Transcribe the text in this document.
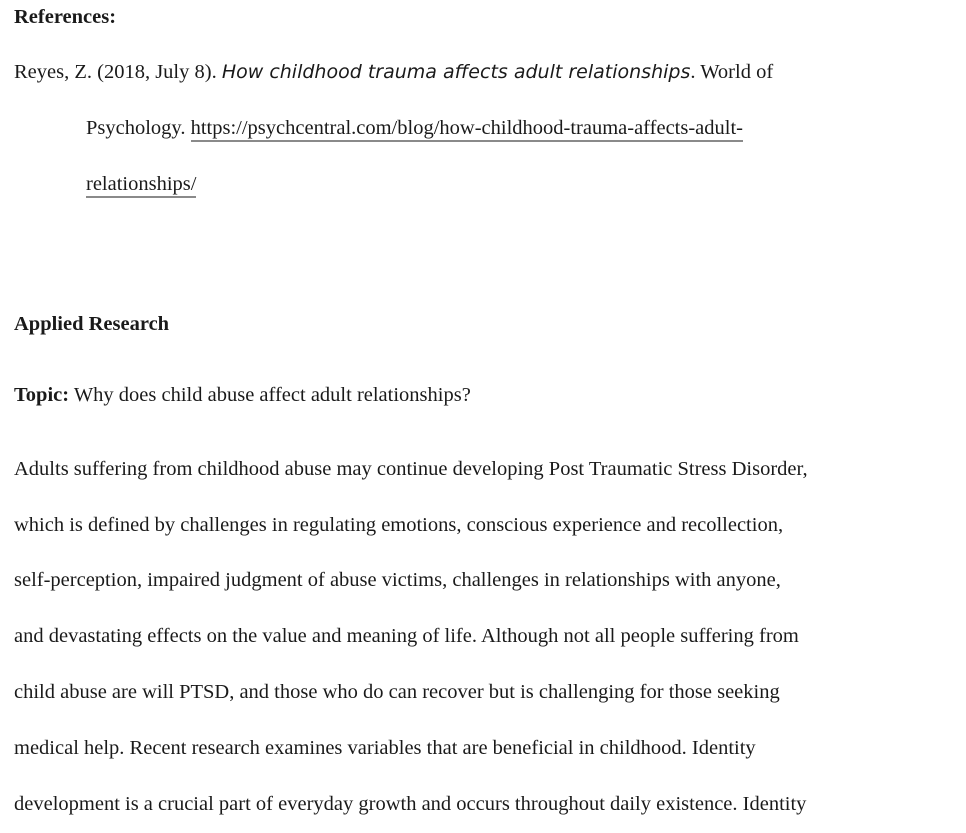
References:
Reyes, Z. (2018, July 8). How childhood trauma affects adult relationships. World of
Psychology. https://psychcentral.com/blog/how-childhood-trauma-affects-adult-
relationships/
Applied Research
Topic: Why does child abuse affect adult relationships?
Adults suffering from childhood abuse may continue developing Post Traumatic Stress Disorder,
which is defined by challenges in regulating emotions, conscious experience and recollection,
self-perception, impaired judgment of abuse victims, challenges in relationships with anyone,
and devastating effects on the value and meaning of life. Although not all people suffering from
child abuse are will PTSD, and those who do can recover but is challenging for those seeking
medical help. Recent research examines variables that are beneficial in childhood. Identity
development is a crucial part of everyday growth and occurs throughout daily existence. Identity
